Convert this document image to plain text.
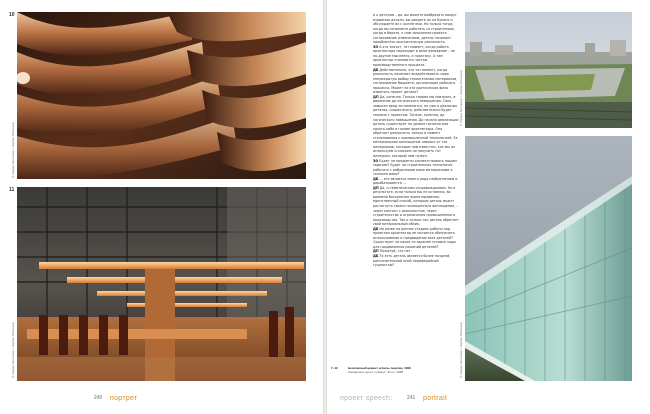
© Ирина Мольнар / Ирина Мольнар
10
© Ирина Мольнар / Ирина Мольнар
11
240 портрет

и к деталям – до, вы можете вообразить вокруг взрывные детали, вы увидите их на бумаге и обсуждаете их с коллегами. Но только тогда, когда вы начинаете работать со строителями, когда в берете, к ним заложения проекта согласование изменениям, деталь начинает приобретать окончательную реальность.

ЗО А это значит, тот момент, когда работа архитектора переходит в иное измерение – не по-другим мысленно, а практику. А там архитектор становится частью производственного процесса.

ДБ Действительно, это тот момент, когда реальность начинает воздействовать свою неприкрытую выбор строительных материалов, согласование бюджета, организация рабочего процесса. Может ли эта критическая фаза изменить проект детали?

ДП Да, конечно. Только сперва мы повлиять, в движение до логического завершения. Свое замысел вряд ли изменится, но уже в реальных деталях, скорее всего, действительно будет связано с проектом. Тонкое, конечно, до логического завершения. До начала реализации деталь существует на уровне понятия или какого-либо в голове архитектора. Она обретает реальность только в момент столкновения с промышленной технологией. Ее материальное воплощение зависит от тех материалов, которые нам известны, как мы их используем и сможем ли получить тот материал, который нам нужен.

ЗО Будет ли предметы соответствовать нашим задачам? Будет ли строительная технология работать с выбранными вами материалами и технологиями?

ДБ ... его является своего рода изобретением и дорабатывается ...

ДП Да, и тематическим сопровождением. Но в результате, если только мы не остаемся, во времени бесконечно проектирования, единственный способ, которым деталь может достигнуть своего полноценного воплощения, – через контакт с реальностью, через строительство и ограничения промышленного производства. Так и только так деталь обретает свой материальный облик.

ДБ Но разве на ранних стадиях работы над проектом архитектор не пытается обозначить использования и предвидение всех деталей? Существует ли какое-то заранее готовые ходы для продвижения решений деталей?

ДП Пожалуй, что нет.

ДБ То есть деталь является более поздней, дополнительной иной периферийной сущностью?

7–12	Безопасный цемент «Нола». Берлин, 1998
Конференц-центр и кампус. Фото: 1998
© Ирина Мольнар / Ирина Мольнар
© Ирина Мольнар / Ирина Мольнар
проект speech:	241 portrait
